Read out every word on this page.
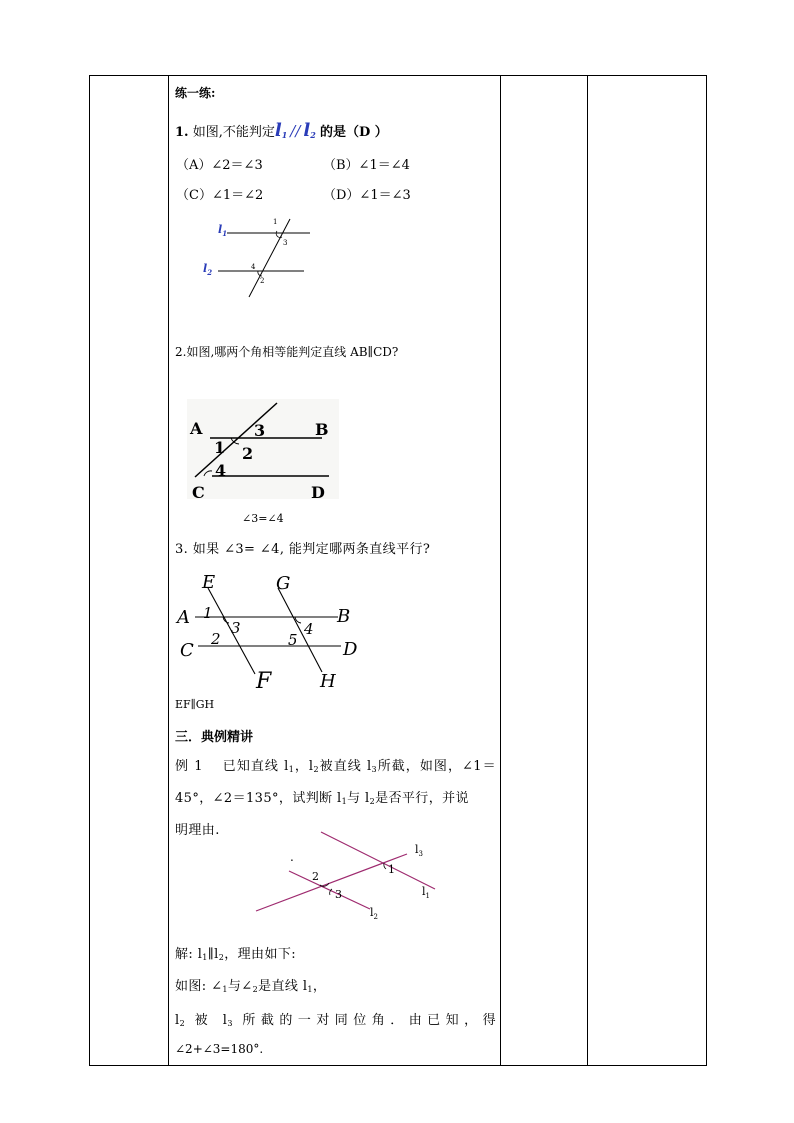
练一练:
1. 如图,不能判定$l_1 // l_2$ 的是（D ）
（A）∠2＝∠3	（B）∠1＝∠4
（C）∠1＝∠2	（D）∠1＝∠3
$l_1$
$l_2$
1
3
4
2
2.如图,哪两个角相等能判定直线 AB∥CD?
A	B
C	D
3
1 2
4
∠3=∠4
3. 如果 ∠3= ∠4, 能判定哪两条直线平行?
E	G
A	B
C	D
F	H
1
3	4
2	5
EF∥GH
三．典例精讲
例 1　 已知直线 $l_1$，$l_2$被直线 $l_3$所截，如图，∠1＝
45°，∠2＝135°，试判断 $l_1$与 $l_2$是否平行，并说
明理由.
.
$l_3$
$l_1$
$l_2$
1
2
3
解: $l_1\parallel l_2$，理由如下:
如图: $\angle_1$与$\angle_2$是直线 $l_1$，
$l_2$ 被 $l_3$ 所截的一对同位角．由已知，得
∠2+∠3=180°.
